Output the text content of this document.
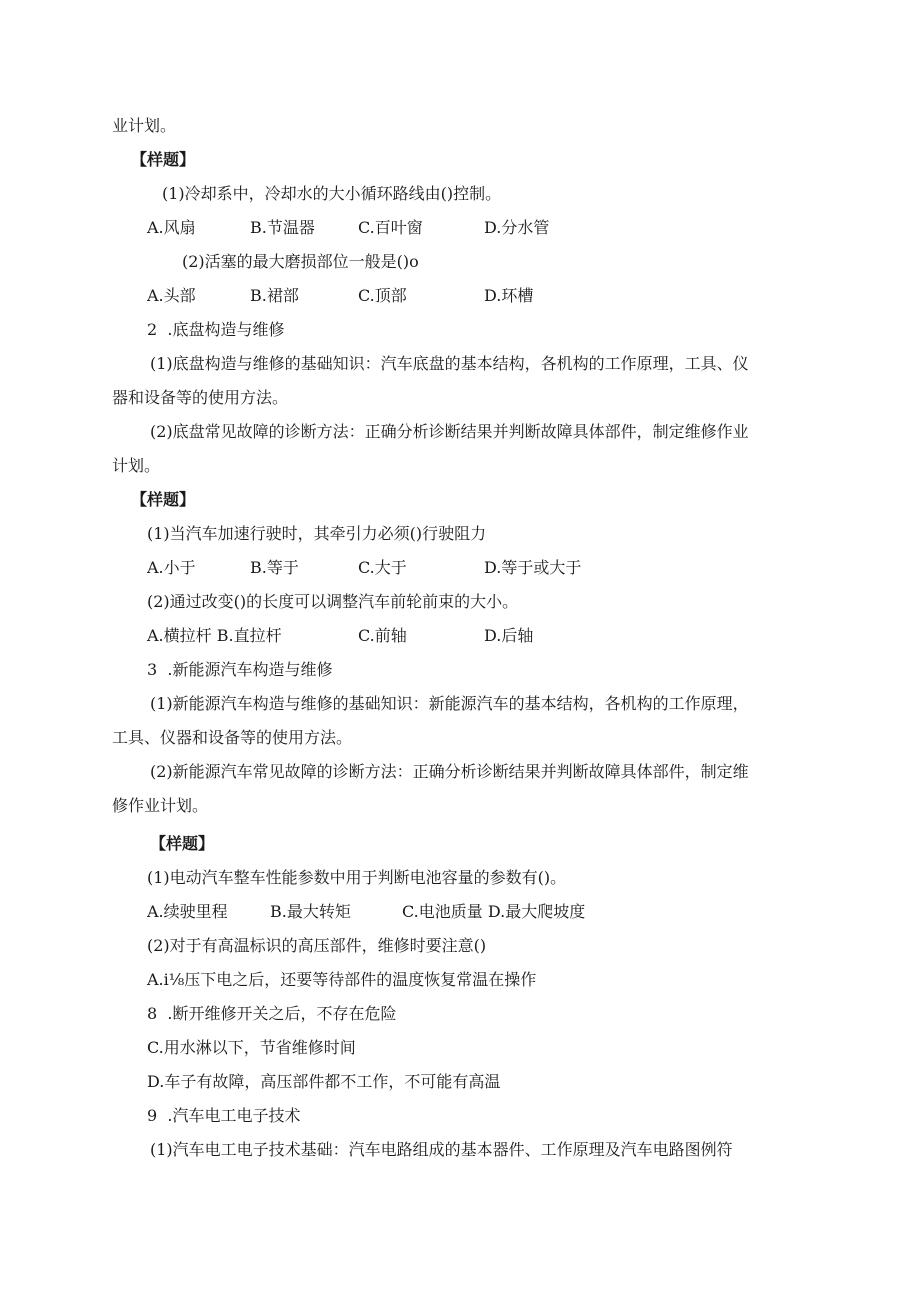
业计划。
【样题】
(1)冷却系中，冷却水的大小循环路线由()控制。
A.风扇	B.节温器	C.百叶窗	D.分水管
(2)活塞的最大磨损部位一般是()o
A.头部	B.裙部	C.顶部	D.环槽
2  .底盘构造与维修
(1)底盘构造与维修的基础知识：汽车底盘的基本结构，各机构的工作原理，工具、仪
器和设备等的使用方法。
(2)底盘常见故障的诊断方法：正确分析诊断结果并判断故障具体部件，制定维修作业
计划。
【样题】
(1)当汽车加速行驶时，其牵引力必须()行驶阻力
A.小于	B.等于	C.大于	D.等于或大于
(2)通过改变()的长度可以调整汽车前轮前束的大小。
A.横拉杆 B.直拉杆	C.前轴	D.后轴
3  .新能源汽车构造与维修
(1)新能源汽车构造与维修的基础知识：新能源汽车的基本结构，各机构的工作原理，
工具、仪器和设备等的使用方法。
(2)新能源汽车常见故障的诊断方法：正确分析诊断结果并判断故障具体部件，制定维
修作业计划。
【样题】
(1)电动汽车整车性能参数中用于判断电池容量的参数有()。
A.续驶里程	B.最大转矩	C.电池质量 D.最大爬坡度
(2)对于有高温标识的高压部件，维修时要注意()
A.i⅛压下电之后，还要等待部件的温度恢复常温在操作
8  .断开维修开关之后，不存在危险
C.用水淋以下，节省维修时间
D.车子有故障，高压部件都不工作，不可能有高温
9  .汽车电工电子技术
(1)汽车电工电子技术基础：汽车电路组成的基本器件、工作原理及汽车电路图例符
